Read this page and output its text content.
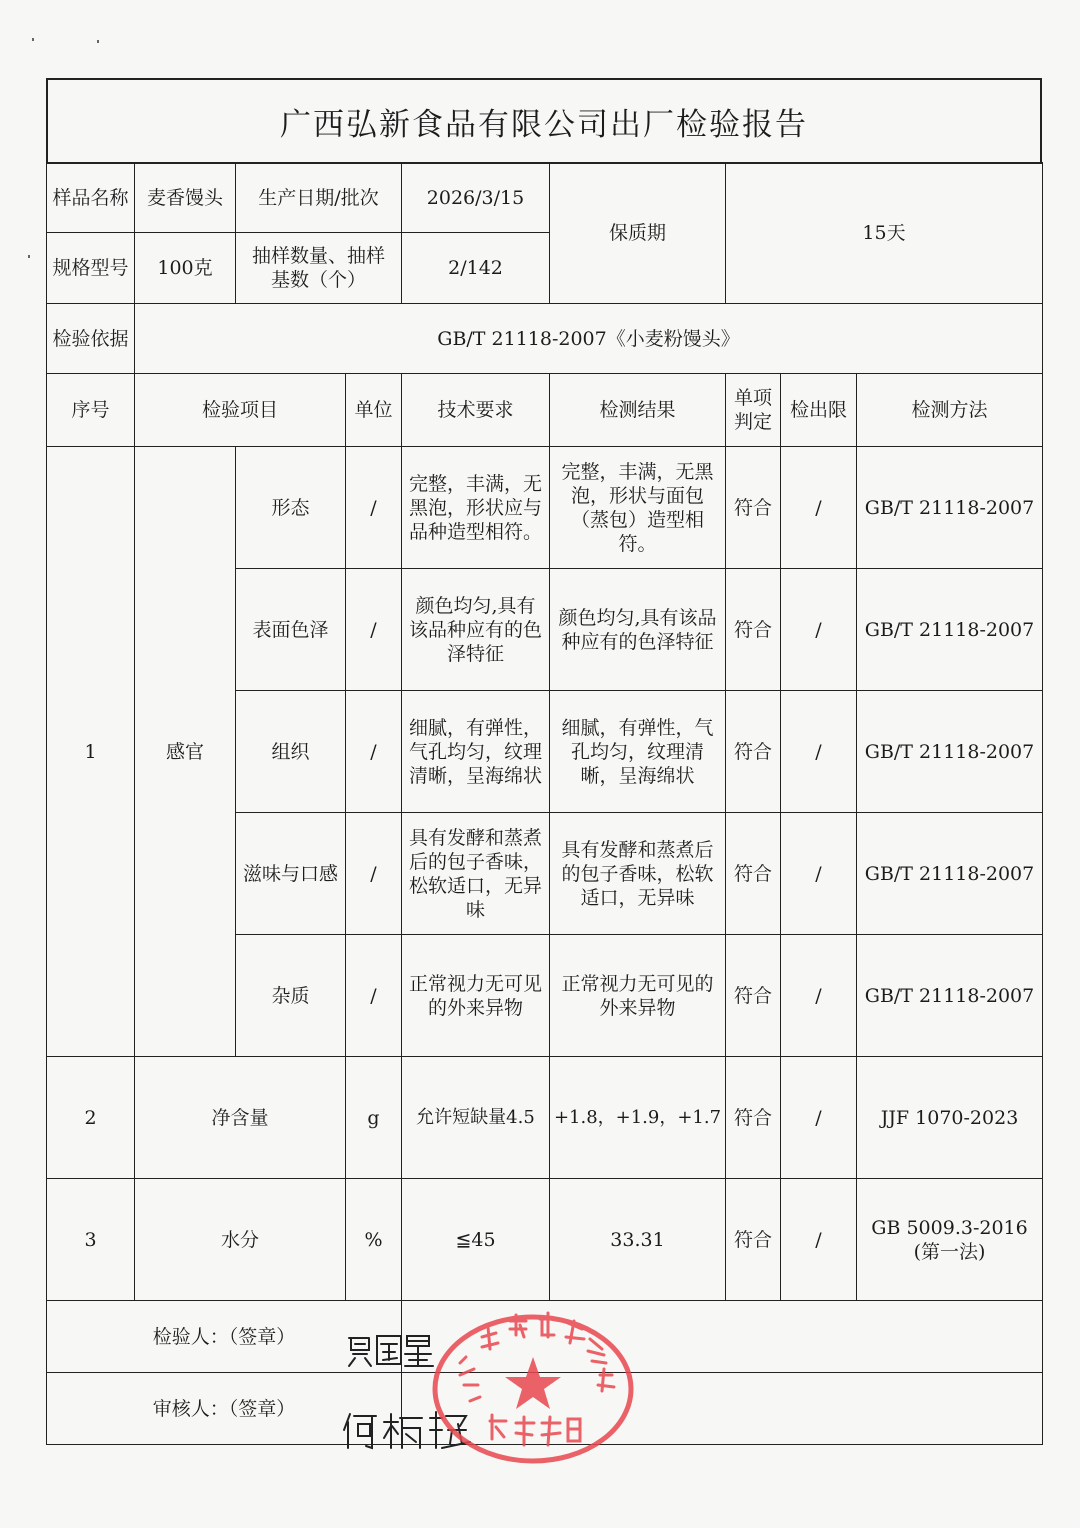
广西弘新食品有限公司出厂检验报告
样品名称	麦香馒头	生产日期/批次		2026/3/15	保质期	15天		
规格型号	100克	抽样数量、抽样基数（个）		2/142				
检验依据	GB/T 21118-2007《小麦粉馒头》							
序号	检验项目		单位	技术要求	检测结果	单项判定	检出限	检测方法
1	感官	形态	/	完整，丰满，无黑泡，形状应与品种造型相符。	完整，丰满，无黑泡，形状与面包（蒸包）造型相符。	符合	/	GB/T 21118-2007
		表面色泽	/	颜色均匀,具有该品种应有的色泽特征	颜色均匀,具有该品种应有的色泽特征	符合	/	GB/T 21118-2007
		组织	/	细腻，有弹性，气孔均匀，纹理清晰，呈海绵状	细腻，有弹性，气孔均匀，纹理清晰，呈海绵状	符合	/	GB/T 21118-2007
		滋味与口感	/	具有发酵和蒸煮后的包子香味，松软适口，无异味	具有发酵和蒸煮后的包子香味，松软适口，无异味	符合	/	GB/T 21118-2007
		杂质	/	正常视力无可见的外来异物	正常视力无可见的外来异物	符合	/	GB/T 21118-2007
2	净含量		g	允许短缺量4.5	+1.8，+1.9，+1.7	符合	/	JJF 1070-2023
3	水分		%	≦45	33.31	符合	/	GB 5009.3-2016(第一法)
检验人：（签章）								
审核人：（签章）								
